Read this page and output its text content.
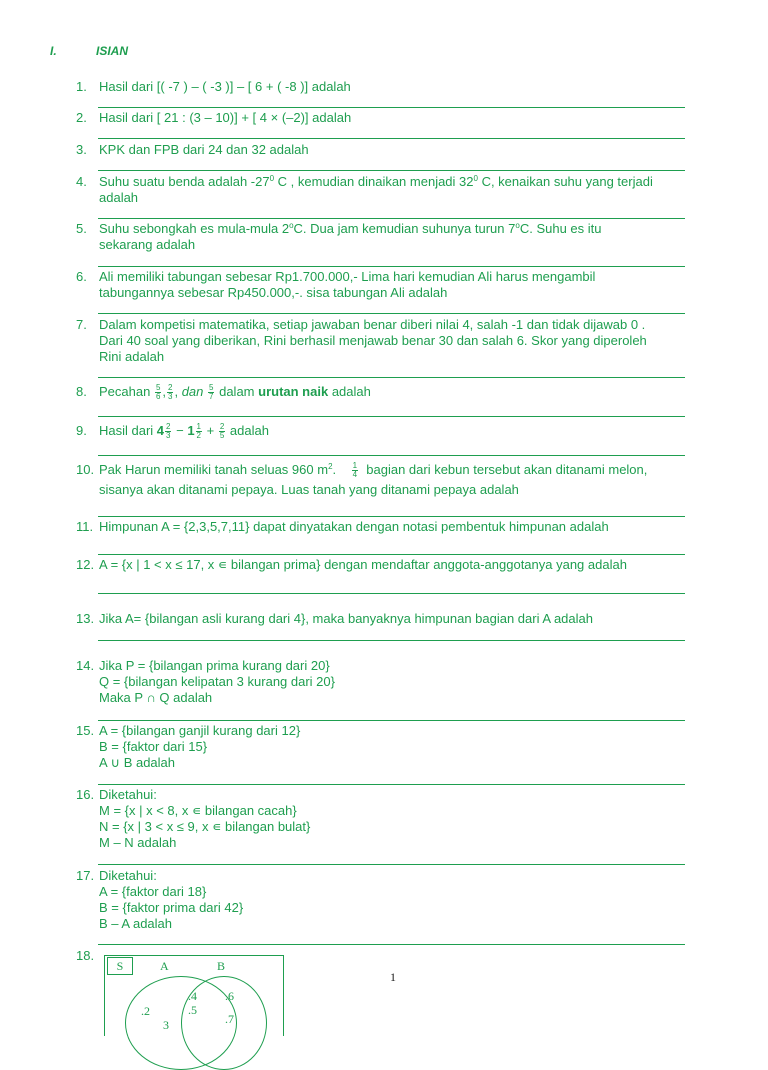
I.	ISIAN
1. Hasil dari [( -7 ) – ( -3 )] – [ 6 + ( -8 )] adalah
2. Hasil dari [ 21 : (3 – 10)] + [ 4 × (–2)] adalah
3. KPK dan FPB dari 24 dan 32 adalah
4. Suhu suatu benda adalah $-27^0$ C , kemudian dinaikan menjadi $32^0$ C, kenaikan suhu yang terjadi
adalah
5. Suhu sebongkah es mula-mula 2$^o$C. Dua jam kemudian suhunya turun 7$^o$C. Suhu es itu
sekarang adalah
6. Ali memiliki tabungan sebesar Rp1.700.000,- Lima hari kemudian Ali harus mengambil
tabungannya sebesar Rp450.000,-. sisa tabungan Ali adalah
7. Dalam kompetisi matematika, setiap jawaban benar diberi nilai 4, salah -1 dan tidak dijawab 0 .
Dari 40 soal yang diberikan, Rini berhasil menjawab benar 30 dan salah 6. Skor yang diperoleh
Rini adalah
8. Pecahan $\frac{5}{6}$ , $\frac{2}{3}$ , dan $\frac{5}{7}$ dalam urutan naik adalah
9. Hasil dari $4 \frac{2}{3} - 1 \frac{1}{2} + \frac{2}{5}$ adalah
10. Pak Harun memiliki tanah seluas 960 $m^2$. $\frac{1}{4}$ bagian dari kebun tersebut akan ditanami melon,
sisanya akan ditanami pepaya. Luas tanah yang ditanami pepaya adalah
11. Himpunan A = {2,3,5,7,11} dapat dinyatakan dengan notasi pembentuk himpunan adalah
12. A = {x | 1 < x ≤ 17, x ∊ bilangan prima} dengan mendaftar anggota-anggotanya yang adalah
13. Jika A= {bilangan asli kurang dari 4}, maka banyaknya himpunan bagian dari A adalah
14. Jika P = {bilangan prima kurang dari 20}
Q = {bilangan kelipatan 3 kurang dari 20}
Maka P ∩ Q adalah
15. A = {bilangan ganjil kurang dari 12}
B = {faktor dari 15}
A ∪ B adalah
16. Diketahui:
M = {x | x < 8, x ∊ bilangan cacah}
N = {x | 3 < x ≤ 9, x ∊ bilangan bulat}
M – N adalah
17. Diketahui:
A = {faktor dari 18}
B = {faktor prima dari 42}
B – A adalah
18.
S	A	B
.2
.4
.5
.6
.7
3
1
